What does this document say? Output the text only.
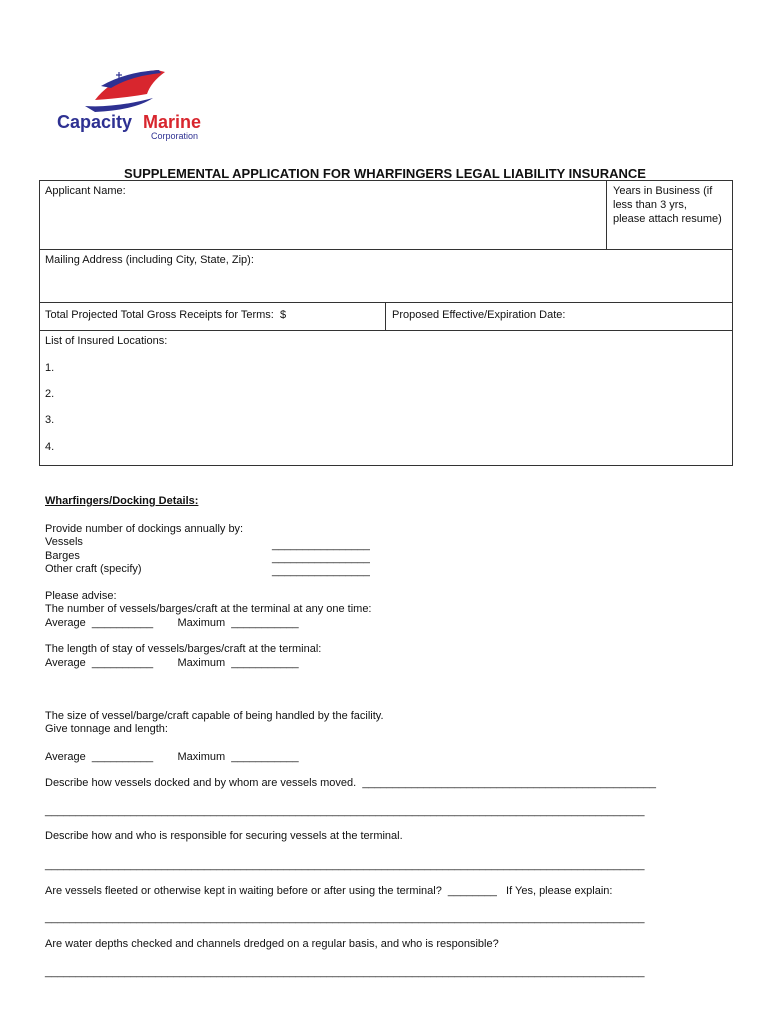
Capacity Marine
Corporation
SUPPLEMENTAL APPLICATION FOR WHARFINGERS LEGAL LIABILITY INSURANCE
Applicant Name:	Years in Business (if
less than 3 yrs,
please attach resume)
Mailing Address (including City, State, Zip):
Total Projected Total Gross Receipts for Terms:  $	Proposed Effective/Expiration Date:
List of Insured Locations:
1.
2.
3.
4.
Wharfingers/Docking Details:
Provide number of dockings annually by:
Vessels
Barges
Other craft (specify)
________________
________________
________________
Please advise:
The number of vessels/barges/craft at the terminal at any one time:
Average  __________        Maximum  ___________
The length of stay of vessels/barges/craft at the terminal:
Average  __________        Maximum  ___________
The size of vessel/barge/craft capable of being handled by the facility.
Give tonnage and length:
Average  __________        Maximum  ___________
Describe how vessels docked and by whom are vessels moved.  ________________________________________________
__________________________________________________________________________________________________
Describe how and who is responsible for securing vessels at the terminal.
__________________________________________________________________________________________________
Are vessels fleeted or otherwise kept in waiting before or after using the terminal?  ________   If Yes, please explain:
__________________________________________________________________________________________________
Are water depths checked and channels dredged on a regular basis, and who is responsible?
__________________________________________________________________________________________________
